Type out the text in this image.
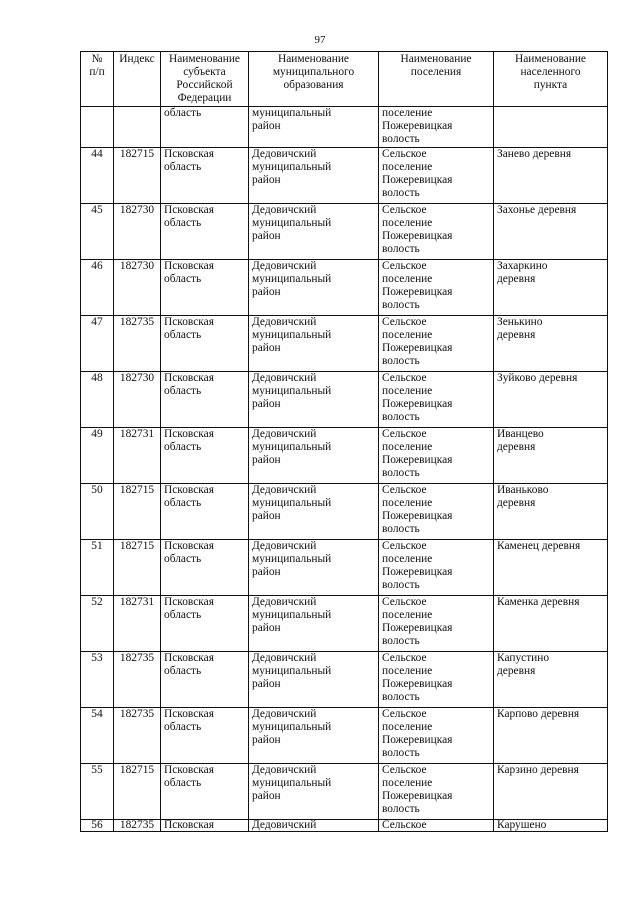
97
№
п/п	Индекс	Наименование
субъекта
Российской
Федерации	Наименование
муниципального
образования	Наименование
поселения	Наименование
населенного
пункта

		область	муниципальный
район	поселение
Пожеревицкая
волость	

44	182715	Псковская
область	Дедовичский
муниципальный
район	Сельское
поселение
Пожеревицкая
волость	Занево деревня

45	182730	Псковская
область	Дедовичский
муниципальный
район	Сельское
поселение
Пожеревицкая
волость	Захонье деревня

46	182730	Псковская
область	Дедовичский
муниципальный
район	Сельское
поселение
Пожеревицкая
волость	Захаркино
деревня

47	182735	Псковская
область	Дедовичский
муниципальный
район	Сельское
поселение
Пожеревицкая
волость	Зенькино
деревня

48	182730	Псковская
область	Дедовичский
муниципальный
район	Сельское
поселение
Пожеревицкая
волость	Зуйково деревня

49	182731	Псковская
область	Дедовичский
муниципальный
район	Сельское
поселение
Пожеревицкая
волость	Иванцево
деревня

50	182715	Псковская
область	Дедовичский
муниципальный
район	Сельское
поселение
Пожеревицкая
волость	Иваньково
деревня

51	182715	Псковская
область	Дедовичский
муниципальный
район	Сельское
поселение
Пожеревицкая
волость	Каменец деревня

52	182731	Псковская
область	Дедовичский
муниципальный
район	Сельское
поселение
Пожеревицкая
волость	Каменка деревня

53	182735	Псковская
область	Дедовичский
муниципальный
район	Сельское
поселение
Пожеревицкая
волость	Капустино
деревня

54	182735	Псковская
область	Дедовичский
муниципальный
район	Сельское
поселение
Пожеревицкая
волость	Карпово деревня

55	182715	Псковская
область	Дедовичский
муниципальный
район	Сельское
поселение
Пожеревицкая
волость	Карзино деревня

56	182735	Псковская	Дедовичский	Сельское	Карушено
